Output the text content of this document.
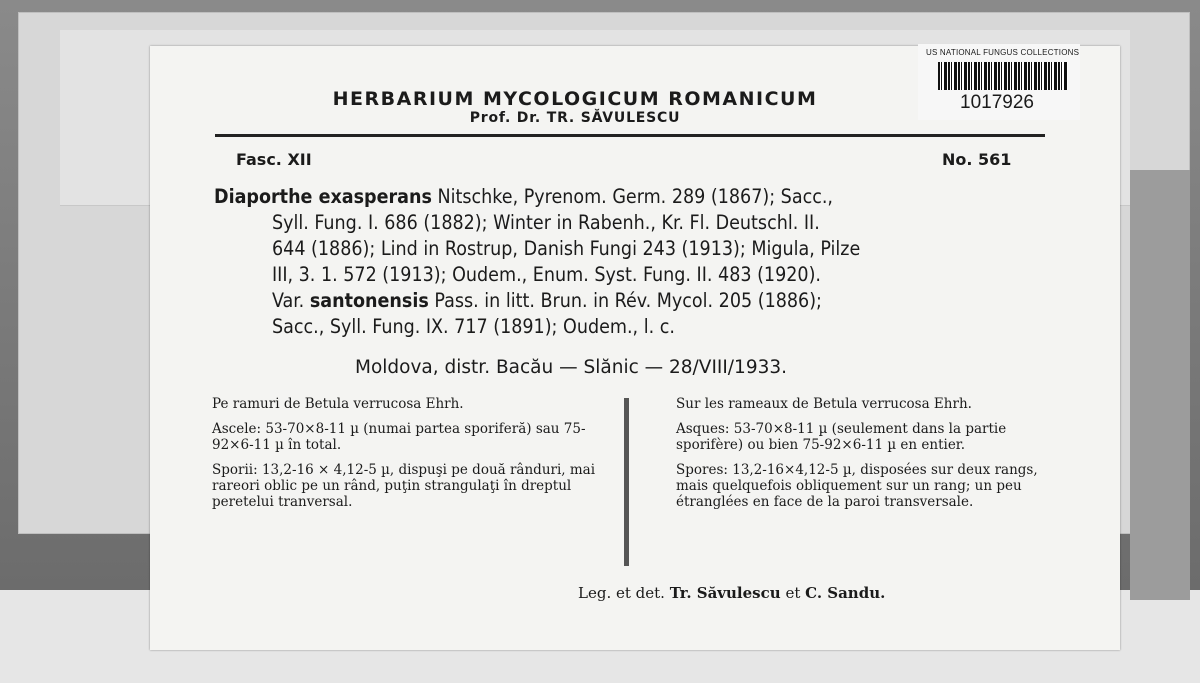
HERBARIUM MYCOLOGICUM ROMANICUM
Prof. Dr. TR. SĂVULESCU
Fasc. XII	No. 561
Diaporthe exasperans Nitschke, Pyrenom. Germ. 289 (1867); Sacc.,
Syll. Fung. I. 686 (1882); Winter in Rabenh., Kr. Fl. Deutschl. II.
644 (1886); Lind in Rostrup, Danish Fungi 243 (1913); Migula, Pilze
III, 3. 1. 572 (1913); Oudem., Enum. Syst. Fung. II. 483 (1920).
Var. santonensis Pass. in litt. Brun. in Rév. Mycol. 205 (1886);
Sacc., Syll. Fung. IX. 717 (1891); Oudem., l. c.
Moldova, distr. Bacău — Slănic — 28/VIII/1933.

Pe ramuri de Betula verrucosa Ehrh.

Ascele: 53-70×8-11 µ (numai partea sporiferă) sau 75-92×6-11 µ în total.

Sporii: 13,2-16 × 4,12-5 µ, dispuşi pe două rânduri, mai rareori oblic pe un rând, puţin strangulaţi în dreptul peretelui tranversal.

Sur les rameaux de Betula verrucosa Ehrh.

Asques: 53-70×8-11 µ (seulement dans la partie sporifère) ou bien 75-92×6-11 µ en entier.

Spores: 13,2-16×4,12-5 µ, disposées sur deux rangs, mais quelquefois obliquement sur un rang; un peu étranglées en face de la paroi transversale.

Leg. et det. Tr. Săvulescu et C. Sandu.
US NATIONAL FUNGUS COLLECTIONS
1017926
